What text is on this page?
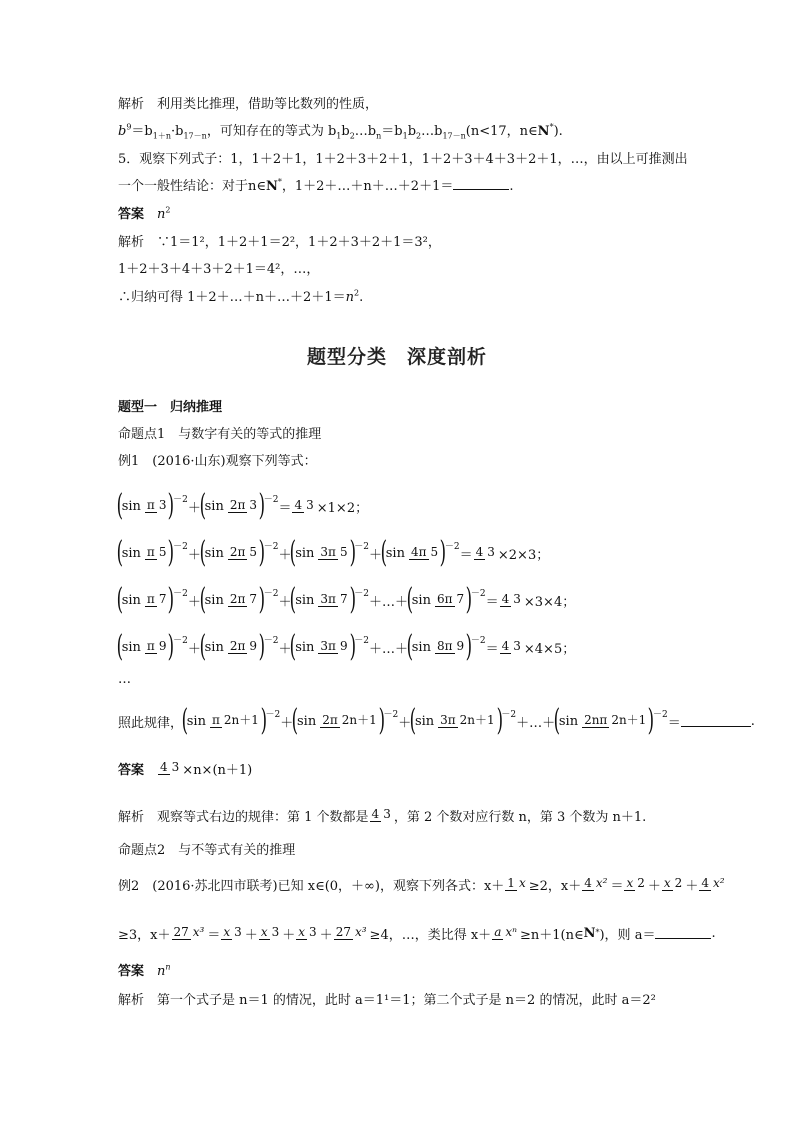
解析　利用类比推理，借助等比数列的性质，
$b^9=b_{1+n}\cdot b_{17-n}$，可知存在的等式为 $b_1b_2\dots b_n=b_1b_2\dots b_{17-n}(n<17$，n∈N*).
5．观察下列式子：1，1＋2＋1，1＋2＋3＋2＋1，1＋2＋3＋4＋3＋2＋1，…，由以上可推测出
一个一般性结论：对于n∈N*，1＋2＋…＋n＋…＋2＋1＝	.
答案　$n^2$
解析　∵1＝1²，1＋2＋1＝2²，1＋2＋3＋2＋1＝3²，
1＋2＋3＋4＋3＋2＋1＝4²，…，
∴归纳可得 $1+2+\dots+n+\dots+2+1=n^2$.
题型分类　深度剖析
题型一　归纳推理
命题点1　与数字有关的等式的推理
例1　(2016·山东)观察下列等式：
(
sin π 3 )
－2
＋
(
sin 2π 3 )
－2
＝ 4 3 ×1×2；
(
sin π 5 )
－2
＋
(
sin 2π 5 )
－2
＋
(
sin 3π 5 )
－2
＋
(
sin 4π 5 )
－2
＝ 4 3 ×2×3；
(
sin π 7 )
－2
＋
(
sin 2π 7 )
－2
＋
(
sin 3π 7 )
－2
＋…＋
(
sin 6π 7 )
－2
＝ 4 3 ×3×4；
(
sin π 9 )
－2
＋
(
sin 2π 9 )
－2
＋
(
sin 3π 9 )
－2
＋…＋
(
sin 8π 9 )
－2
＝ 4 3 ×4×5；
…
照此规律，
(
sin π 2n＋1 )
－2
＋
(
sin 2π 2n＋1 )
－2
＋
(
sin 3π 2n＋1 )
－2
＋…＋
(
sin 2nπ 2n＋1 )
－2
＝	.
答案　 4 3 ×n×(n＋1)
解析　观察等式右边的规律：第 1 个数都是 4 3 ，第 2 个数对应行数 n，第 3 个数为 n＋1.
命题点2　与不等式有关的推理
例2　(2016·苏北四市联考)已知 x∈(0，＋∞)，观察下列各式：x＋ 1 x ≥2，x＋ 4 x² ＝ x 2 ＋ x 2 ＋ 4 x²
≥3，x＋ 27 x³ ＝ x 3 ＋ x 3 ＋ x 3 ＋ 27 x³ ≥4，…，类比得 x＋ a xⁿ ≥n＋1(n∈ N * )，则 a＝	.
答案　$n^n$
解析　第一个式子是 n＝1 的情况，此时 a＝1¹＝1；第二个式子是 n＝2 的情况，此时 a＝2²
